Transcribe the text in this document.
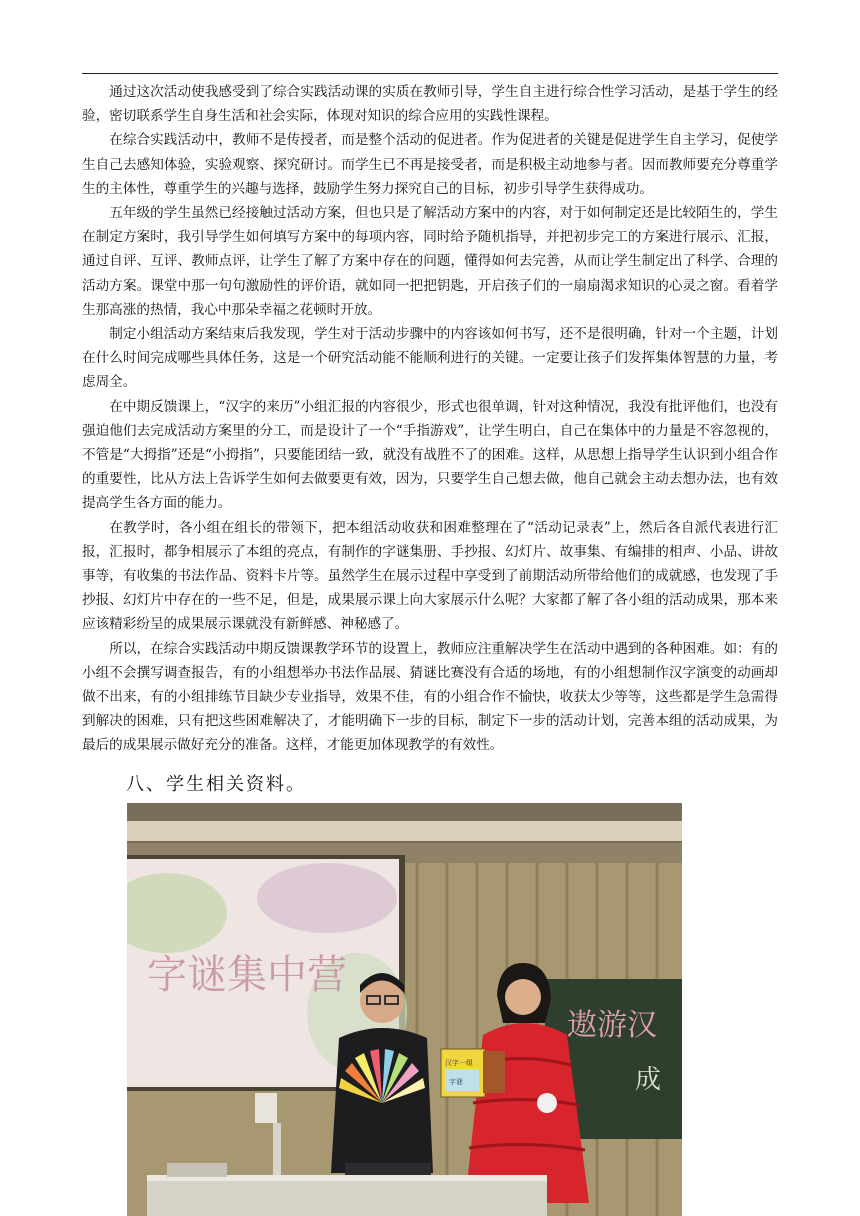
通过这次活动使我感受到了综合实践活动课的实质在教师引导，学生自主进行综合性学习活动，是基于学生的经验，密切联系学生自身生活和社会实际，体现对知识的综合应用的实践性课程。

在综合实践活动中，教师不是传授者，而是整个活动的促进者。作为促进者的关键是促进学生自主学习，促使学生自己去感知体验，实验观察、探究研讨。而学生已不再是接受者，而是积极主动地参与者。因而教师要充分尊重学生的主体性，尊重学生的兴趣与选择，鼓励学生努力探究自己的目标，初步引导学生获得成功。

五年级的学生虽然已经接触过活动方案，但也只是了解活动方案中的内容，对于如何制定还是比较陌生的，学生在制定方案时，我引导学生如何填写方案中的每项内容，同时给予随机指导，并把初步完工的方案进行展示、汇报，通过自评、互评、教师点评，让学生了解了方案中存在的问题，懂得如何去完善，从而让学生制定出了科学、合理的活动方案。课堂中那一句句激励性的评价语，就如同一把把钥匙，开启孩子们的一扇扇渴求知识的心灵之窗。看着学生那高涨的热情，我心中那朵幸福之花顿时开放。

制定小组活动方案结束后我发现，学生对于活动步骤中的内容该如何书写，还不是很明确，针对一个主题，计划在什么时间完成哪些具体任务，这是一个研究活动能不能顺利进行的关键。一定要让孩子们发挥集体智慧的力量，考虑周全。

在中期反馈课上，“汉字的来历”小组汇报的内容很少，形式也很单调，针对这种情况，我没有批评他们，也没有强迫他们去完成活动方案里的分工，而是设计了一个“手指游戏”，让学生明白，自己在集体中的力量是不容忽视的，不管是“大拇指”还是“小拇指”，只要能团结一致，就没有战胜不了的困难。这样，从思想上指导学生认识到小组合作的重要性，比从方法上告诉学生如何去做要更有效，因为，只要学生自己想去做，他自己就会主动去想办法，也有效提高学生各方面的能力。

在教学时，各小组在组长的带领下，把本组活动收获和困难整理在了“活动记录表”上，然后各自派代表进行汇报，汇报时，都争相展示了本组的亮点，有制作的字谜集册、手抄报、幻灯片、故事集、有编排的相声、小品、讲故事等，有收集的书法作品、资料卡片等。虽然学生在展示过程中享受到了前期活动所带给他们的成就感，也发现了手抄报、幻灯片中存在的一些不足，但是，成果展示课上向大家展示什么呢？大家都了解了各小组的活动成果，那本来应该精彩纷呈的成果展示课就没有新鲜感、神秘感了。

所以，在综合实践活动中期反馈课教学环节的设置上，教师应注重解决学生在活动中遇到的各种困难。如：有的小组不会撰写调查报告，有的小组想举办书法作品展、猜谜比赛没有合适的场地，有的小组想制作汉字演变的动画却做不出来，有的小组排练节目缺少专业指导，效果不佳，有的小组合作不愉快，收获太少等等，这些都是学生急需得到解决的困难，只有把这些困难解决了，才能明确下一步的目标，制定下一步的活动计划，完善本组的活动成果，为最后的成果展示做好充分的准备。这样，才能更加体现教学的有效性。

八、学生相关资料。
字谜集中营
遨游汉
成
汉字一组
字谜
